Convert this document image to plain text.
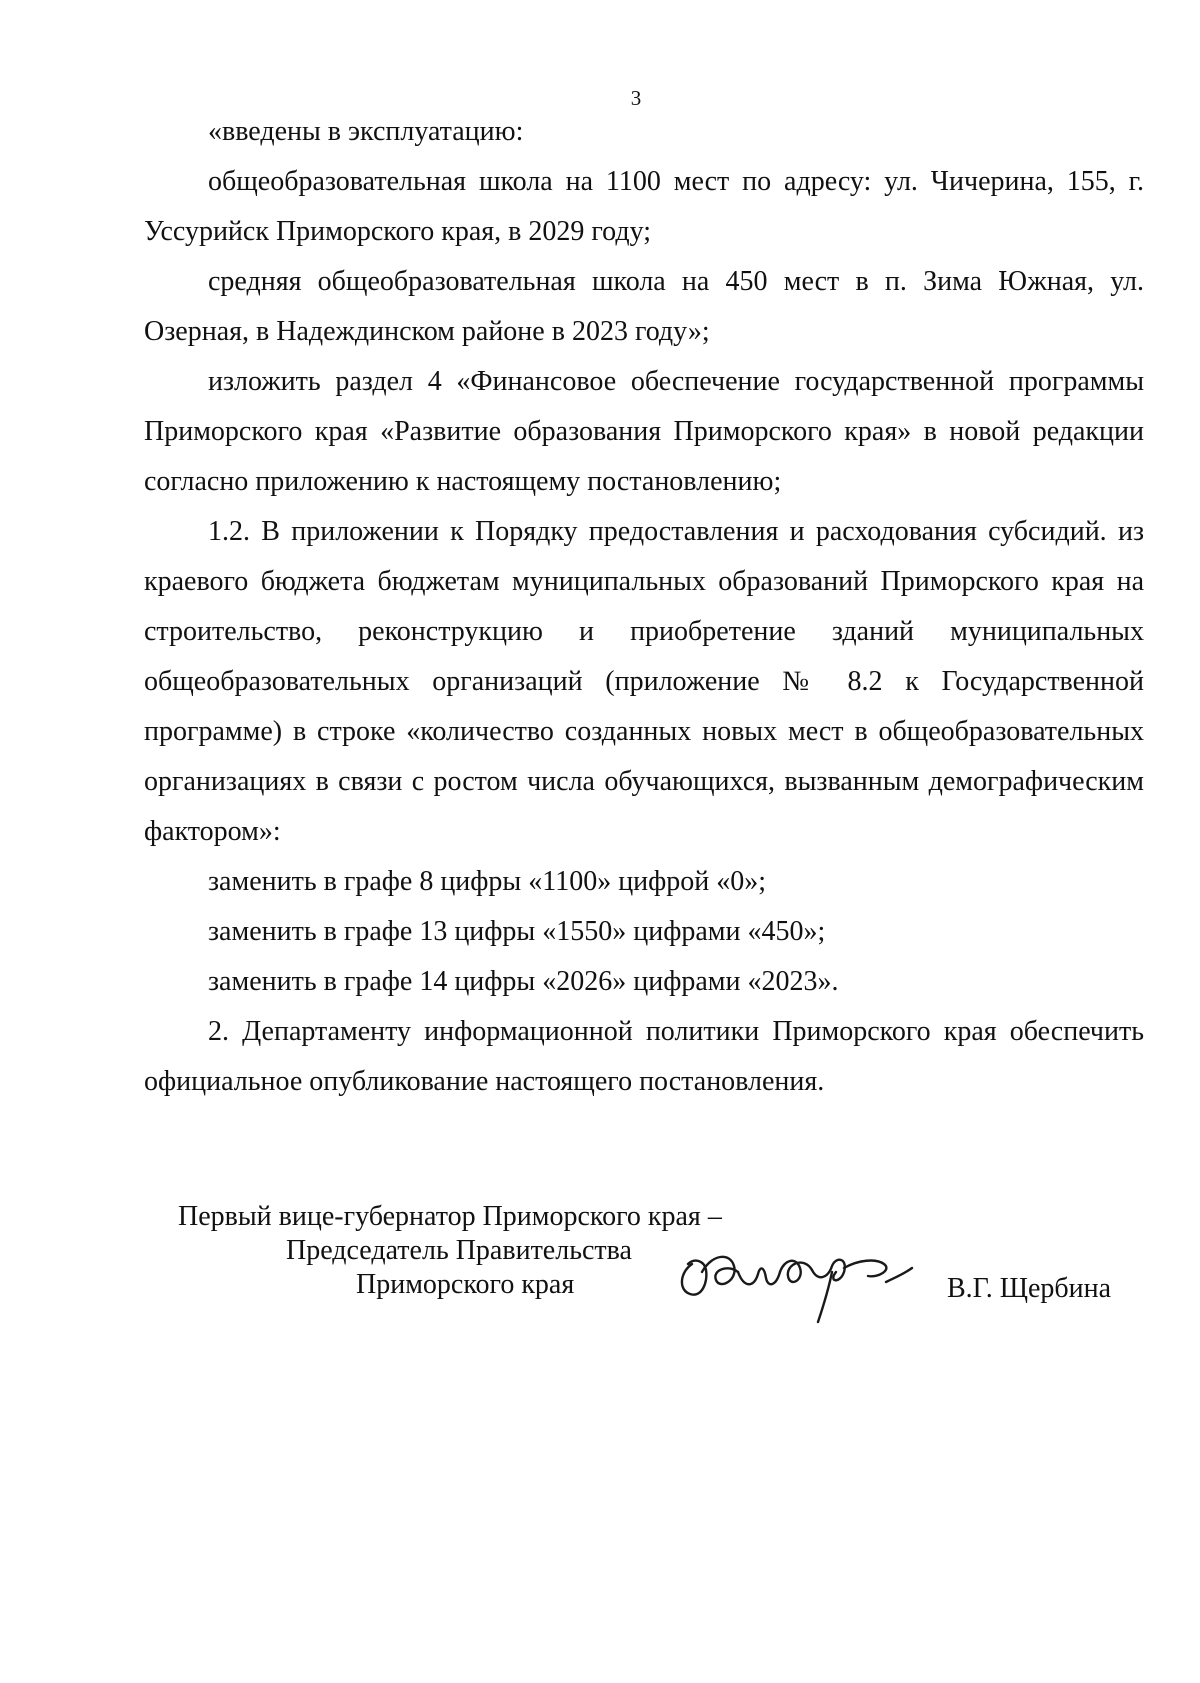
3

«введены в эксплуатацию:

общеобразовательная школа на 1100 мест по адресу: ул. Чичерина, 155, г. Уссурийск Приморского края, в 2029 году;

средняя общеобразовательная школа на 450 мест в п. Зима Южная, ул. Озерная, в Надеждинском районе в 2023 году»;

изложить раздел 4 «Финансовое обеспечение государственной программы Приморского края «Развитие образования Приморского края» в новой редакции согласно приложению к настоящему постановлению;

1.2. В приложении к Порядку предоставления и расходования субсидий. из краевого бюджета бюджетам муниципальных образований Приморского края на строительство, реконструкцию и приобретение зданий муниципальных общеобразовательных организаций (приложение № 8.2 к Государственной программе) в строке «количество созданных новых мест в общеобразовательных организациях в связи с ростом числа обучающихся, вызванным демографическим фактором»:

заменить в графе 8 цифры «1100» цифрой «0»;

заменить в графе 13 цифры «1550» цифрами «450»;

заменить в графе 14 цифры «2026» цифрами «2023».

2. Департаменту информационной политики Приморского края обеспечить официальное опубликование настоящего постановления.

Первый вице-губернатор Приморского края –
Председатель Правительства
Приморского края	В.Г. Щербина
